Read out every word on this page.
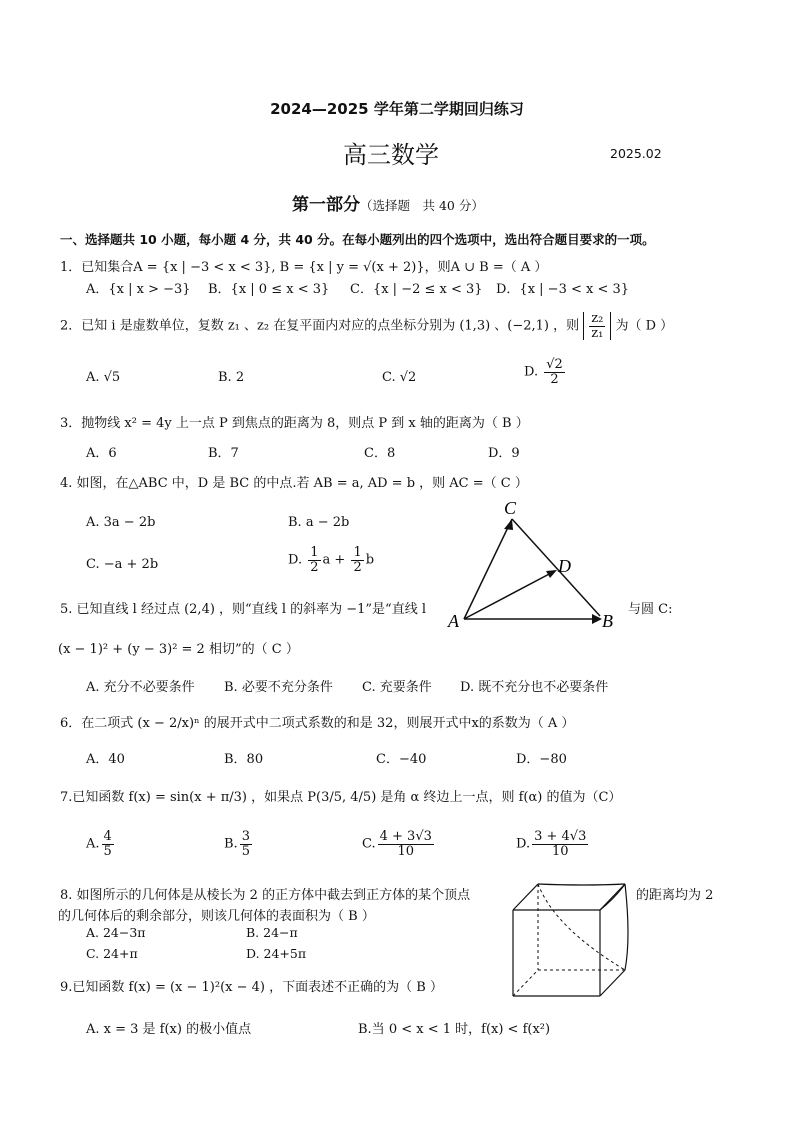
2024—2025 学年第二学期回归练习
高三数学	2025.02
第一部分（选择题　共 40 分）
一、选择题共 10 小题，每小题 4 分，共 40 分。在每小题列出的四个选项中，选出符合题目要求的一项。
1．已知集合A = {x | −3 < x < 3}, B = {x | y = √(x + 2)}，则A ∪ B =（ A ）
A．{x | x > −3} B．{x | 0 ≤ x < 3} C．{x | −2 ≤ x < 3} D．{x | −3 < x < 3}
2．已知 i 是虚数单位，复数 z₁ 、z₂ 在复平面内对应的点坐标分别为 (1,3) 、(−2,1) ，则 $\frac{\text{z₂}}{\text{z₁}}$ 为（ D ）
A. √5	B. 2	C. √2	D. $\frac{√2}{2}$
3．抛物线 x² = 4y 上一点 P 到焦点的距离为 8，则点 P 到 x 轴的距离为（ B ）
A．6	B．7	C．8	D．9
4. 如图，在△ABC 中，D 是 BC 的中点.若 AB = a, AD = b ，则 AC =（ C ）
A. 3a − 2b	B. a − 2b
C. −a + 2b	D. $\frac{1}{2}$ $a + \frac{1}{2}$ b
C
D
A	B
5. 已知直线 l 经过点 (2,4) ，则“直线 l 的斜率为 −1”是“直线 l	与圆 C:
(x − 1)² + (y − 3)² = 2 相切”的（ C ）
A. 充分不必要条件 B. 必要不充分条件 C. 充要条件 D. 既不充分也不必要条件
6．在二项式 (x − 2/x)ⁿ 的展开式中二项式系数的和是 32，则展开式中x的系数为（ A ）
A．40	B．80	C．−40	D．−80
7.已知函数 f(x) = sin(x + π/3) ，如果点 P(3/5, 4/5) 是角 α 终边上一点，则 f(α) 的值为（C）
A. $\frac{4}{5}$	B. $\frac{3}{5}$	C. $\frac{4 + 3√3}{10}$	D. $\frac{3 + 4√3}{10}$
8. 如图所示的几何体是从棱长为 2 的正方体中截去到正方体的某个顶点	的距离均为 2
的几何体后的剩余部分，则该几何体的表面积为（ B ）
A. 24−3π	B. 24−π
C. 24+π	D. 24+5π
9.已知函数 f(x) = (x − 1)²(x − 4) ，下面表述不正确的为（ B ）
A. x = 3 是 f(x) 的极小值点	B.当 0 < x < 1 时，f(x) < f(x²)
